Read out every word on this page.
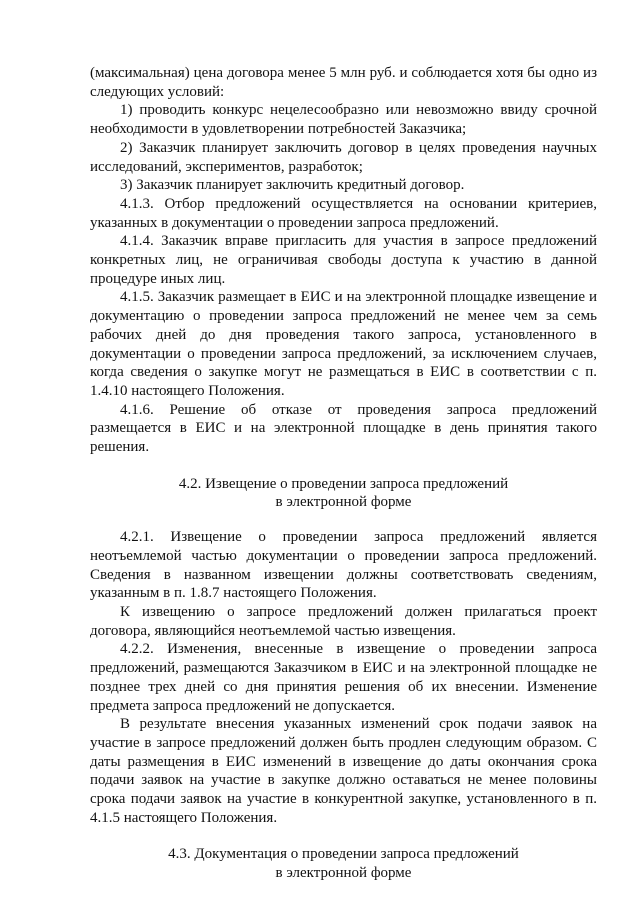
(максимальная) цена договора менее 5 млн руб. и соблюдается хотя бы одно из следующих условий:

1) проводить конкурс нецелесообразно или невозможно ввиду срочной необходимости в удовлетворении потребностей Заказчика;

2) Заказчик планирует заключить договор в целях проведения научных исследований, экспериментов, разработок;

3) Заказчик планирует заключить кредитный договор.

4.1.3. Отбор предложений осуществляется на основании критериев, указанных в документации о проведении запроса предложений.

4.1.4. Заказчик вправе пригласить для участия в запросе предложений конкретных лиц, не ограничивая свободы доступа к участию в данной процедуре иных лиц.

4.1.5. Заказчик размещает в ЕИС и на электронной площадке извещение и документацию о проведении запроса предложений не менее чем за семь рабочих дней до дня проведения такого запроса, установленного в документации о проведении запроса предложений, за исключением случаев, когда сведения о закупке могут не размещаться в ЕИС в соответствии с п. 1.4.10 настоящего Положения.

4.1.6. Решение об отказе от проведения запроса предложений размещается в ЕИС и на электронной площадке в день принятия такого решения.

4.2. Извещение о проведении запроса предложений

в электронной форме

4.2.1. Извещение о проведении запроса предложений является неотъемлемой частью документации о проведении запроса предложений. Сведения в названном извещении должны соответствовать сведениям, указанным в п. 1.8.7 настоящего Положения.

К извещению о запросе предложений должен прилагаться проект договора, являющийся неотъемлемой частью извещения.

4.2.2. Изменения, внесенные в извещение о проведении запроса предложений, размещаются Заказчиком в ЕИС и на электронной площадке не позднее трех дней со дня принятия решения об их внесении. Изменение предмета запроса предложений не допускается.

В результате внесения указанных изменений срок подачи заявок на участие в запросе предложений должен быть продлен следующим образом. С даты размещения в ЕИС изменений в извещение до даты окончания срока подачи заявок на участие в закупке должно оставаться не менее половины срока подачи заявок на участие в конкурентной закупке, установленного в п. 4.1.5 настоящего Положения.

4.3. Документация о проведении запроса предложений

в электронной форме
